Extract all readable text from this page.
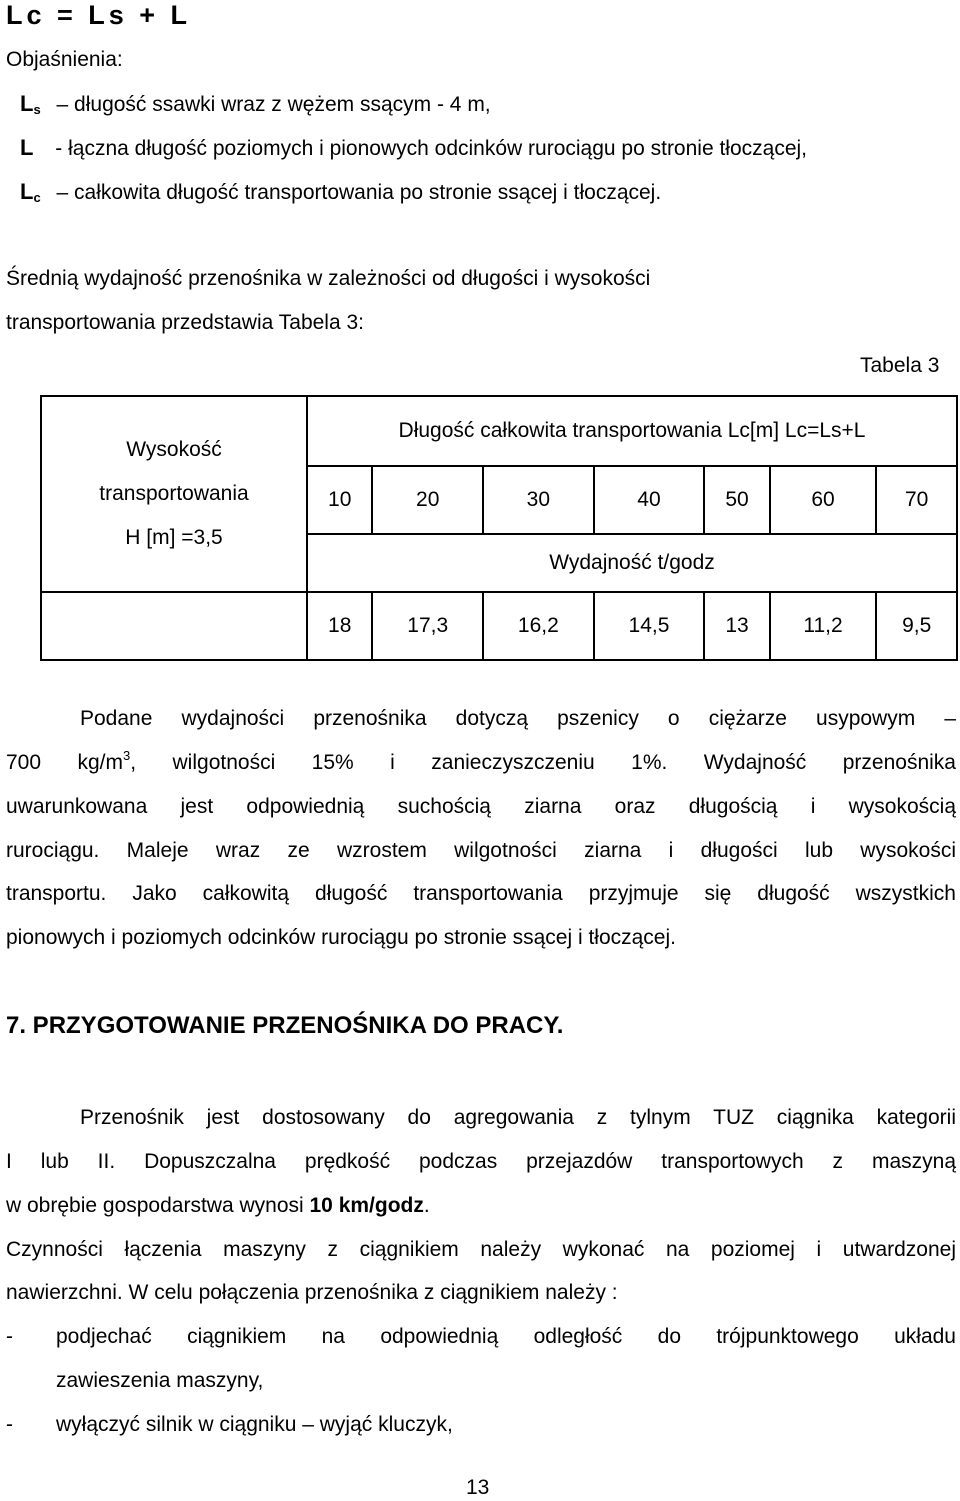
Lc = Ls + L
Objaśnienia:
$L_s$ – długość ssawki wraz z wężem ssącym - 4 m,
L - łączna długość poziomych i pionowych odcinków rurociągu po stronie tłoczącej,
$L_c$ – całkowita długość transportowania po stronie ssącej i tłoczącej.
Średnią wydajność przenośnika w zależności od długości i wysokości
transportowania przedstawia Tabela 3:
Tabela 3
Wysokość
transportowania
H [m] =3,5	Długość całkowita transportowania Lc[m] Lc=Ls+L						
	10	20	30	40	50	60	70
	Wydajność t/godz						
	18	17,3	16,2	14,5	13	11,2	9,5
Podane wydajności przenośnika dotyczą pszenicy o ciężarze usypowym –
700 $kg/m^3$, wilgotności 15% i zanieczyszczeniu 1%. Wydajność przenośnika
uwarunkowana jest odpowiednią suchością ziarna oraz długością i wysokością
rurociągu. Maleje wraz ze wzrostem wilgotności ziarna i długości lub wysokości
transportu. Jako całkowitą długość transportowania przyjmuje się długość wszystkich
pionowych i poziomych odcinków rurociągu po stronie ssącej i tłoczącej.
7. PRZYGOTOWANIE PRZENOŚNIKA DO PRACY.
Przenośnik jest dostosowany do agregowania z tylnym TUZ ciągnika kategorii
I lub II. Dopuszczalna prędkość podczas przejazdów transportowych z maszyną
w obrębie gospodarstwa wynosi 10 km/godz.
Czynności łączenia maszyny z ciągnikiem należy wykonać na poziomej i utwardzonej
nawierzchni. W celu połączenia przenośnika z ciągnikiem należy :
- podjechać ciągnikiem na odpowiednią odległość do trójpunktowego układu
zawieszenia maszyny,
- wyłączyć silnik w ciągniku – wyjąć kluczyk,
13
